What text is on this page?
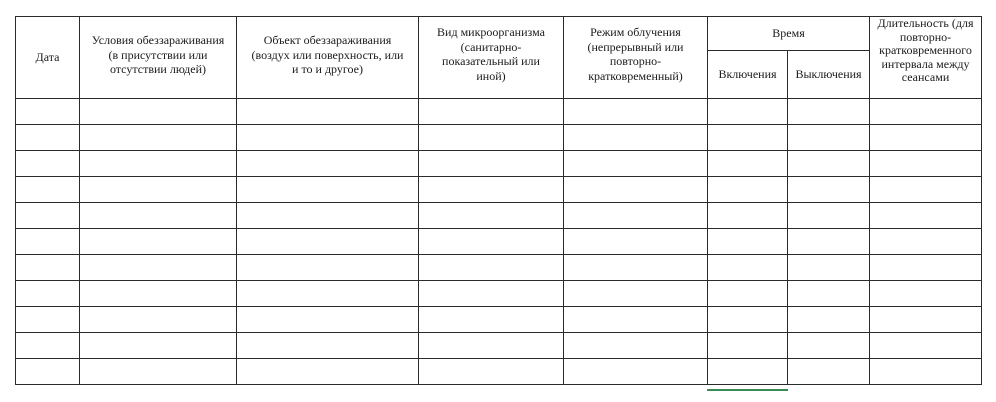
Дата	Условия обеззараживания
(в присутствии или
отсутствии людей)	Объект обеззараживания
(воздух или поверхность, или
и то и другое)	Вид микроорганизма
(санитарно-
показательный или
иной)	Режим облучения
(непрерывный или
повторно-
кратковременный)	Время		Длительность (для
повторно-
кратковременного
интервала между
сеансами

					Включения	Выключения	
